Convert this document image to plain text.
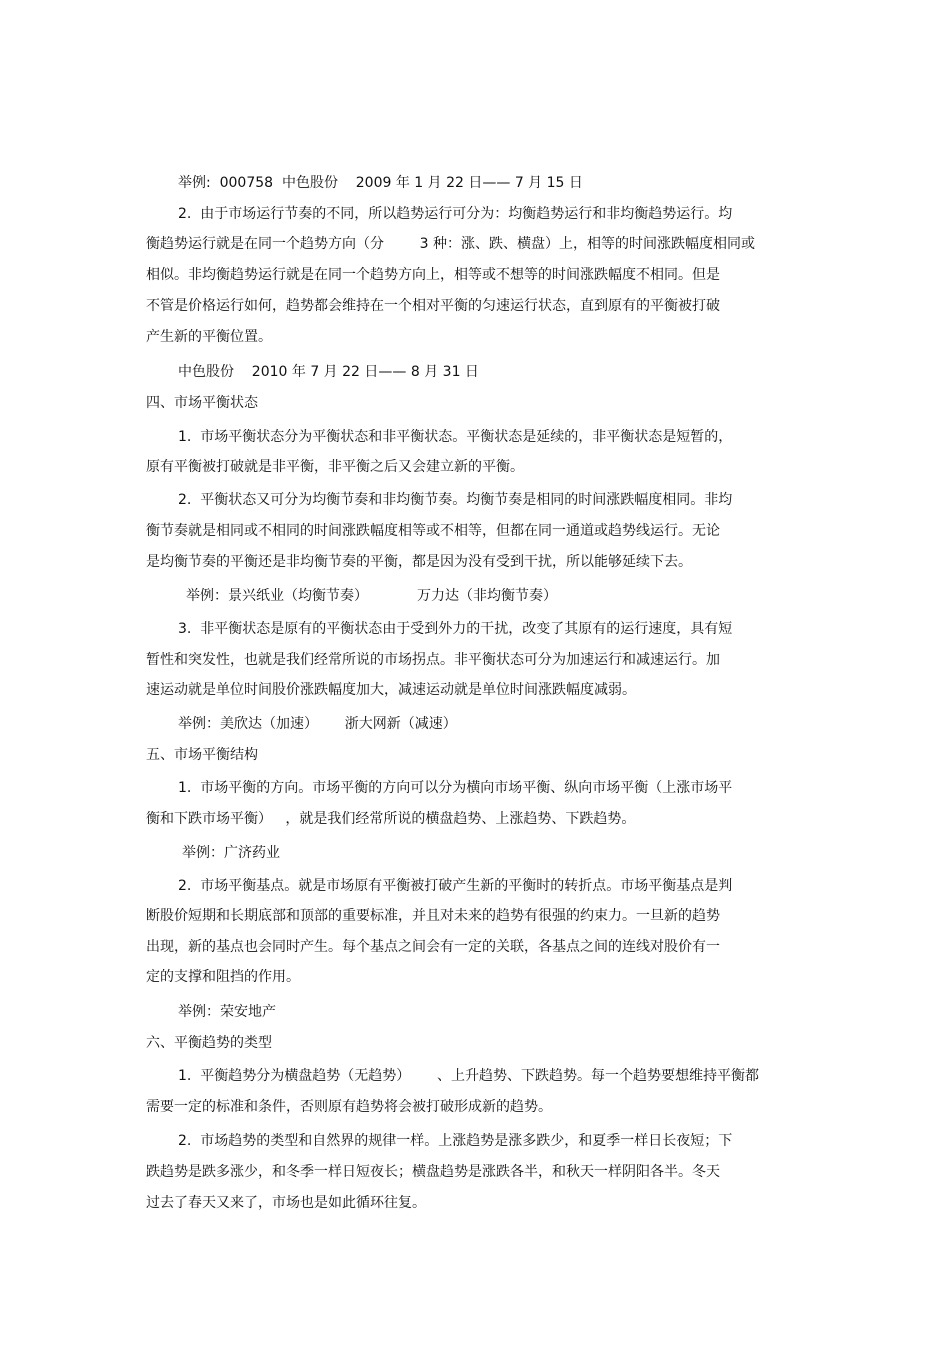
举例:  000758  中色股份    2009 年 1 月 22 日—— 7 月 15 日
2.  由于市场运行节奏的不同，所以趋势运行可分为：均衡趋势运行和非均衡趋势运行。均
衡趋势运行就是在同一个趋势方向（分        3 种：涨、跌、横盘）上，相等的时间涨跌幅度相同或
相似。非均衡趋势运行就是在同一个趋势方向上，相等或不想等的时间涨跌幅度不相同。但是
不管是价格运行如何，趋势都会维持在一个相对平衡的匀速运行状态，直到原有的平衡被打破
产生新的平衡位置。
中色股份    2010 年 7 月 22 日—— 8 月 31 日
四、市场平衡状态
1.  市场平衡状态分为平衡状态和非平衡状态。平衡状态是延续的，非平衡状态是短暂的，
原有平衡被打破就是非平衡，非平衡之后又会建立新的平衡。
2.  平衡状态又可分为均衡节奏和非均衡节奏。均衡节奏是相同的时间涨跌幅度相同。非均
衡节奏就是相同或不相同的时间涨跌幅度相等或不相等，但都在同一通道或趋势线运行。无论
是均衡节奏的平衡还是非均衡节奏的平衡，都是因为没有受到干扰，所以能够延续下去。
举例：景兴纸业（均衡节奏）           万力达（非均衡节奏）
3.  非平衡状态是原有的平衡状态由于受到外力的干扰，改变了其原有的运行速度，具有短
暂性和突发性，也就是我们经常所说的市场拐点。非平衡状态可分为加速运行和减速运行。加
速运动就是单位时间股价涨跌幅度加大，减速运动就是单位时间涨跌幅度减弱。
举例：美欣达（加速）      浙大网新（减速）
五、市场平衡结构
1.  市场平衡的方向。市场平衡的方向可以分为横向市场平衡、纵向市场平衡（上涨市场平
衡和下跌市场平衡）   ，就是我们经常所说的横盘趋势、上涨趋势、下跌趋势。
举例：广济药业
2.  市场平衡基点。就是市场原有平衡被打破产生新的平衡时的转折点。市场平衡基点是判
断股价短期和长期底部和顶部的重要标准，并且对未来的趋势有很强的约束力。一旦新的趋势
出现，新的基点也会同时产生。每个基点之间会有一定的关联，各基点之间的连线对股价有一
定的支撑和阻挡的作用。
举例：荣安地产
六、平衡趋势的类型
1.  平衡趋势分为横盘趋势（无趋势）      、上升趋势、下跌趋势。每一个趋势要想维持平衡都
需要一定的标准和条件，否则原有趋势将会被打破形成新的趋势。
2.  市场趋势的类型和自然界的规律一样。上涨趋势是涨多跌少，和夏季一样日长夜短；下
跌趋势是跌多涨少，和冬季一样日短夜长；横盘趋势是涨跌各半，和秋天一样阴阳各半。冬天
过去了春天又来了，市场也是如此循环往复。
